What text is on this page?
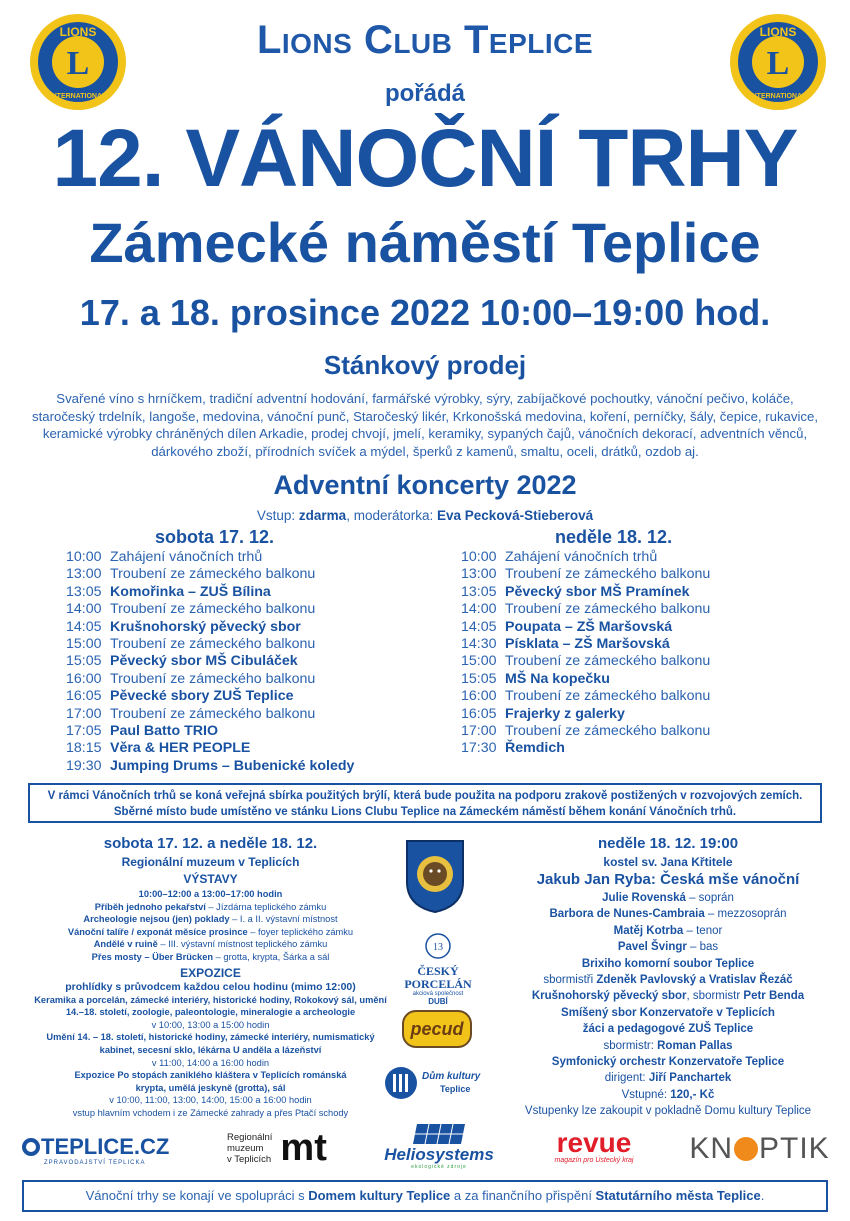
L
LIONS
INTERNATIONAL
L
LIONS
INTERNATIONAL
Lions Club Teplice
pořádá
12. VÁNOČNÍ TRHY
Zámecké náměstí Teplice
17. a 18. prosince 2022 10:00–19:00 hod.
Stánkový prodej
Svařené víno s hrníčkem, tradiční adventní hodování, farmářské výrobky, sýry, zabíjačkové pochoutky, vánoční pečivo, koláče, staročeský trdelník, langoše, medovina, vánoční punč, Staročeský likér, Krkonošská medovina, koření, perníčky, šály, čepice, rukavice, keramické výrobky chráněných dílen Arkadie, prodej chvojí, jmelí, keramiky, sypaných čajů, vánočních dekorací, adventních věnců, dárkového zboží, přírodních svíček a mýdel, šperků z kamenů, smaltu, oceli, drátků, ozdob aj.
Adventní koncerty 2022
Vstup: zdarma, moderátorka: Eva Pecková-Stieberová
sobota 17. 12.	neděle 18. 12.
10:00 Zahájení vánočních trhů
13:00 Troubení ze zámeckého balkonu
13:05 Komořinka – ZUŠ Bílina
14:00 Troubení ze zámeckého balkonu
14:05 Krušnohorský pěvecký sbor
15:00 Troubení ze zámeckého balkonu
15:05 Pěvecký sbor MŠ Cibuláček
16:00 Troubení ze zámeckého balkonu
16:05 Pěvecké sbory ZUŠ Teplice
17:00 Troubení ze zámeckého balkonu
17:05 Paul Batto TRIO
18:15 Věra & HER PEOPLE
19:30 Jumping Drums – Bubenické koledy
10:00 Zahájení vánočních trhů
13:00 Troubení ze zámeckého balkonu
13:05 Pěvecký sbor MŠ Pramínek
14:00 Troubení ze zámeckého balkonu
14:05 Poupata – ZŠ Maršovská
14:30 Písklata – ZŠ Maršovská
15:00 Troubení ze zámeckého balkonu
15:05 MŠ Na kopečku
16:00 Troubení ze zámeckého balkonu
16:05 Frajerky z galerky
17:00 Troubení ze zámeckého balkonu
17:30 Řemdich
V rámci Vánočních trhů se koná veřejná sbírka použitých brýlí, která bude použita na podporu zrakově postižených v rozvojových zemích.
Sběrné místo bude umístěno ve stánku Lions Clubu Teplice na Zámeckém náměstí během konání Vánočních trhů.
sobota 17. 12. a neděle 18. 12.
Regionální muzeum v Teplicích
VÝSTAVY
10:00–12:00 a 13:00–17:00 hodin
Příběh jednoho pekařství – Jízdárna teplického zámku
Archeologie nejsou (jen) poklady – I. a II. výstavní místnost
Vánoční talíře / exponát měsíce prosince – foyer teplického zámku
Andělé v ruině – III. výstavní místnost teplického zámku
Přes mosty – Über Brücken – grotta, krypta, Šárka a sál
EXPOZICE
prohlídky s průvodcem každou celou hodinu (mimo 12:00)
Keramika a porcelán, zámecké interiéry, historické hodiny, Rokokový sál, umění 14.–18. století, zoologie, paleontologie, mineralogie a archeologie
v 10:00, 13:00 a 15:00 hodin
Umění 14. – 18. století, historické hodiny, zámecké interiéry, numismatický kabinet, secesní sklo, lékárna U anděla a lázeňství
v 11:00, 14:00 a 16:00 hodin
Expozice Po stopách zaniklého kláštera v Teplicích románská krypta, umělá jeskyně (grotta), sál
v 10:00, 11:00, 13:00, 14:00, 15:00 a 16:00 hodin
vstup hlavním vchodem i ze Zámecké zahrady a přes Ptačí schody
13
ČESKÝ PORCELÁN
akciová společnost
DUBÍ
pecud
Dům kultury
Teplice
neděle 18. 12. 19:00
kostel sv. Jana Křtitele
Jakub Jan Ryba: Česká mše vánoční
Julie Rovenská – soprán
Barbora de Nunes-Cambraia – mezzosoprán
Matěj Kotrba – tenor
Pavel Švingr – bas
Brixiho komorní soubor Teplice
sbormistři Zdeněk Pavlovský a Vratislav Řezáč
Krušnohorský pěvecký sbor, sbormistr Petr Benda
Smíšený sbor Konzervatoře v Teplicích
žáci a pedagogové ZUŠ Teplice
sbormistr: Roman Pallas
Symfonický orchestr Konzervatoře Teplice
dirigent: Jiří Panchartek
Vstupné: 120,- Kč
Vstupenky lze zakoupit v pokladně Domu kultury Teplice
TEPLICE.CZ
ZPRAVODAJSTVÍ TEPLICKA
Regionální
muzeum
v Teplicích mt	Heliosystems
ekologické zdroje
revue
magazín pro Ústecký kraj KN PTIK
Vánoční trhy se konají ve spolupráci s Domem kultury Teplice a za finančního přispění Statutárního města Teplice.
